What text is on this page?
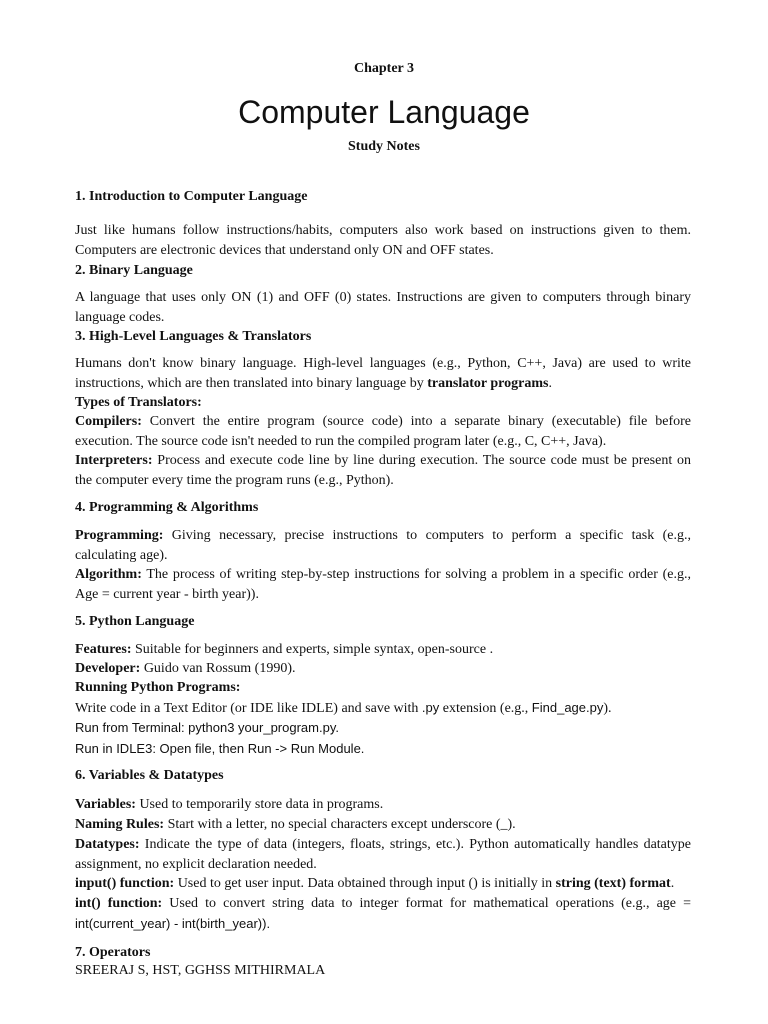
Chapter 3
Computer Language
Study Notes
1. Introduction to Computer Language
Just like humans follow instructions/habits, computers also work based on instructions given to them. Computers are electronic devices that understand only ON and OFF states.
2. Binary Language
A language that uses only ON (1) and OFF (0) states. Instructions are given to computers through binary language codes.
3. High-Level Languages & Translators
Humans don't know binary language. High-level languages (e.g., Python, C++, Java) are used to write instructions, which are then translated into binary language by translator programs.
Types of Translators:
Compilers: Convert the entire program (source code) into a separate binary (executable) file before execution. The source code isn't needed to run the compiled program later (e.g., C, C++, Java).
Interpreters: Process and execute code line by line during execution. The source code must be present on the computer every time the program runs (e.g., Python).
4. Programming & Algorithms
Programming: Giving necessary, precise instructions to computers to perform a specific task (e.g., calculating age).
Algorithm: The process of writing step-by-step instructions for solving a problem in a specific order (e.g., Age = current year - birth year)).
5. Python Language
Features: Suitable for beginners and experts, simple syntax, open-source .
Developer: Guido van Rossum (1990).
Running Python Programs:
Write code in a Text Editor (or IDE like IDLE) and save with .py extension (e.g., Find_age.py).
Run from Terminal: python3 your_program.py.
Run in IDLE3: Open file, then Run -> Run Module.
6. Variables & Datatypes
Variables: Used to temporarily store data in programs.
Naming Rules: Start with a letter, no special characters except underscore (_).
Datatypes: Indicate the type of data (integers, floats, strings, etc.). Python automatically handles datatype assignment, no explicit declaration needed.
input() function: Used to get user input. Data obtained through input () is initially in string (text) format.
int() function: Used to convert string data to integer format for mathematical operations (e.g., age = int(current_year) - int(birth_year)).
7. Operators
SREERAJ S, HST, GGHSS MITHIRMALA
